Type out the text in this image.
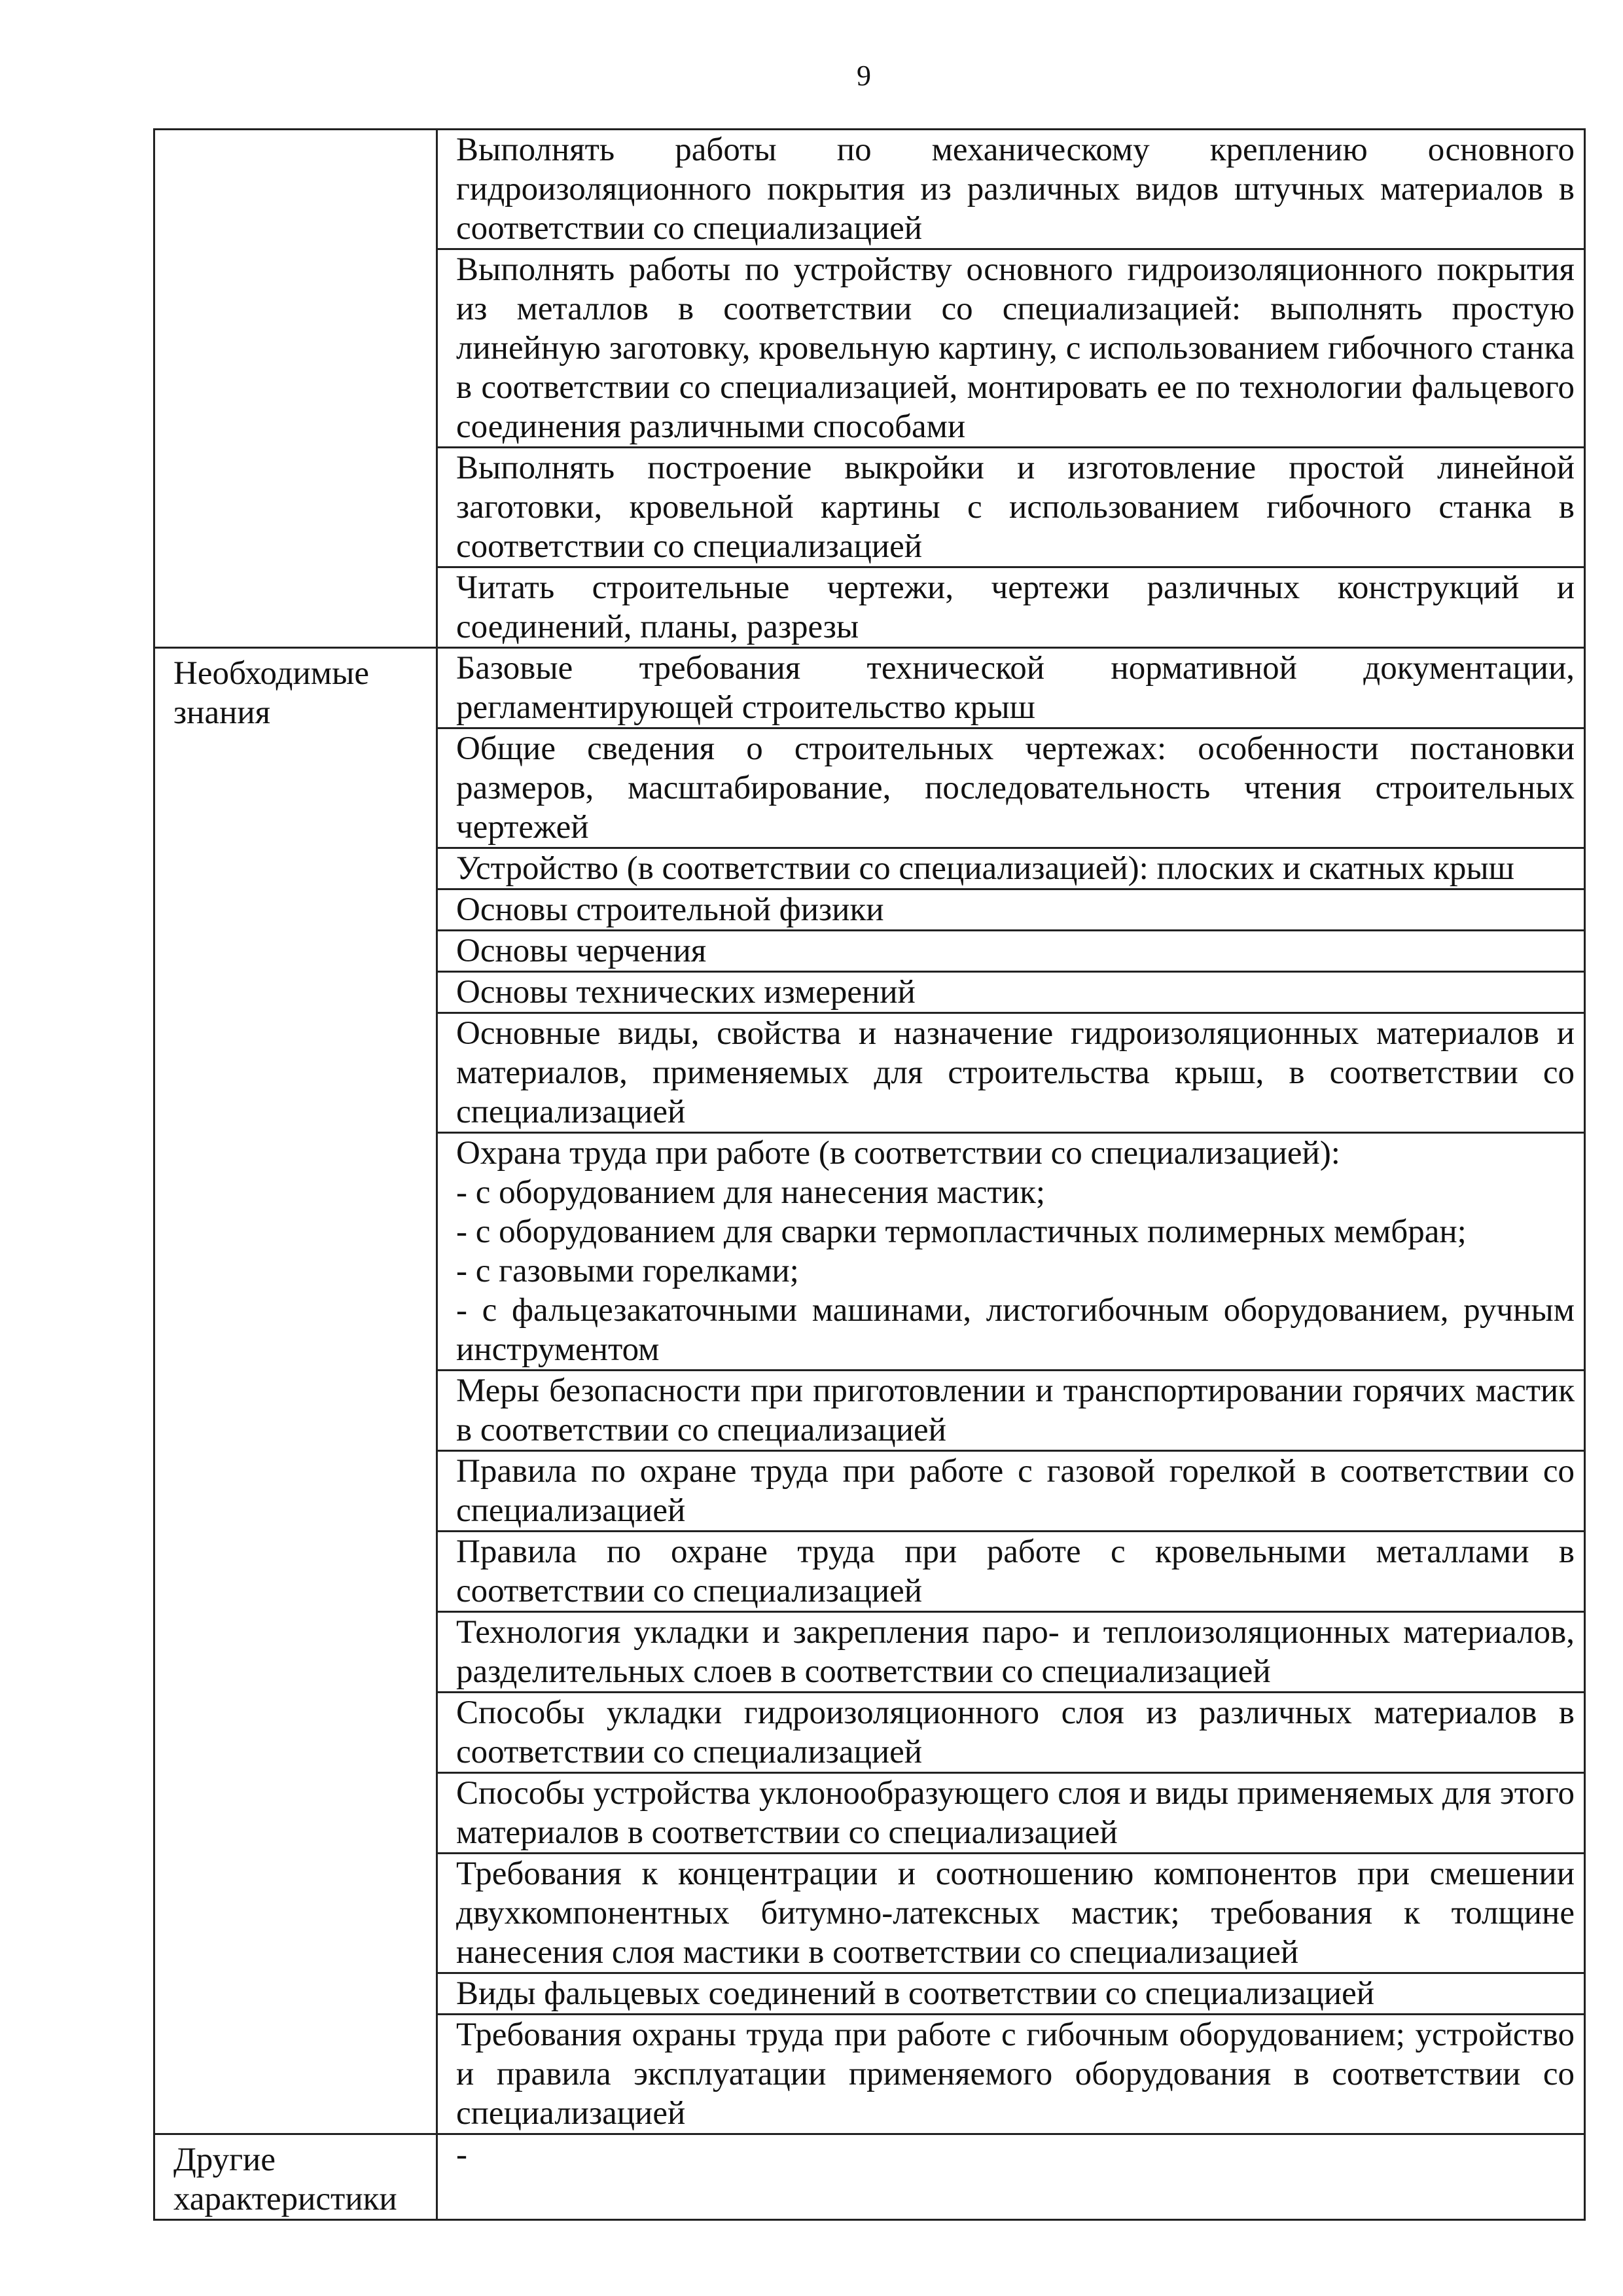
9
	Выполнять работы по механическому креплению основного гидроизоляционного покрытия из различных видов штучных материалов в соответствии со специализацией
	Выполнять работы по устройству основного гидроизоляционного покрытия из металлов в соответствии со специализацией: выполнять простую линейную заготовку, кровельную картину, с использованием гибочного станка в соответствии со специализацией, монтировать ее по технологии фальцевого соединения различными способами
	Выполнять построение выкройки и изготовление простой линейной заготовки, кровельной картины с использованием гибочного станка в соответствии со специализацией
	Читать строительные чертежи, чертежи различных конструкций и соединений, планы, разрезы
Необходимые знания	Базовые требования технической нормативной документации, регламентирующей строительство крыш
	Общие сведения о строительных чертежах: особенности постановки размеров, масштабирование, последовательность чтения строительных чертежей
	Устройство (в соответствии со специализацией): плоских и скатных крыш
	Основы строительной физики
	Основы черчения
	Основы технических измерений
	Основные виды, свойства и назначение гидроизоляционных материалов и материалов, применяемых для строительства крыш, в соответствии со специализацией

	Охрана труда при работе (в соответствии со специализацией):
- с оборудованием для нанесения мастик;
- с оборудованием для сварки термопластичных полимерных мембран;
- с газовыми горелками;
- с фальцезакаточными машинами, листогибочным оборудованием, ручным инструментом

	Меры безопасности при приготовлении и транспортировании горячих мастик в соответствии со специализацией
	Правила по охране труда при работе с газовой горелкой в соответствии со специализацией
	Правила по охране труда при работе с кровельными металлами в соответствии со специализацией
	Технология укладки и закрепления паро- и теплоизоляционных материалов, разделительных слоев в соответствии со специализацией
	Способы укладки гидроизоляционного слоя из различных материалов в соответствии со специализацией
	Способы устройства уклонообразующего слоя и виды применяемых для этого материалов в соответствии со специализацией
	Требования к концентрации и соотношению компонентов при смешении двухкомпонентных битумно-латексных мастик; требования к толщине нанесения слоя мастики в соответствии со специализацией
	Виды фальцевых соединений в соответствии со специализацией
	Требования охраны труда при работе с гибочным оборудованием; устройство и правила эксплуатации применяемого оборудования в соответствии со специализацией
Другие характеристики	-
